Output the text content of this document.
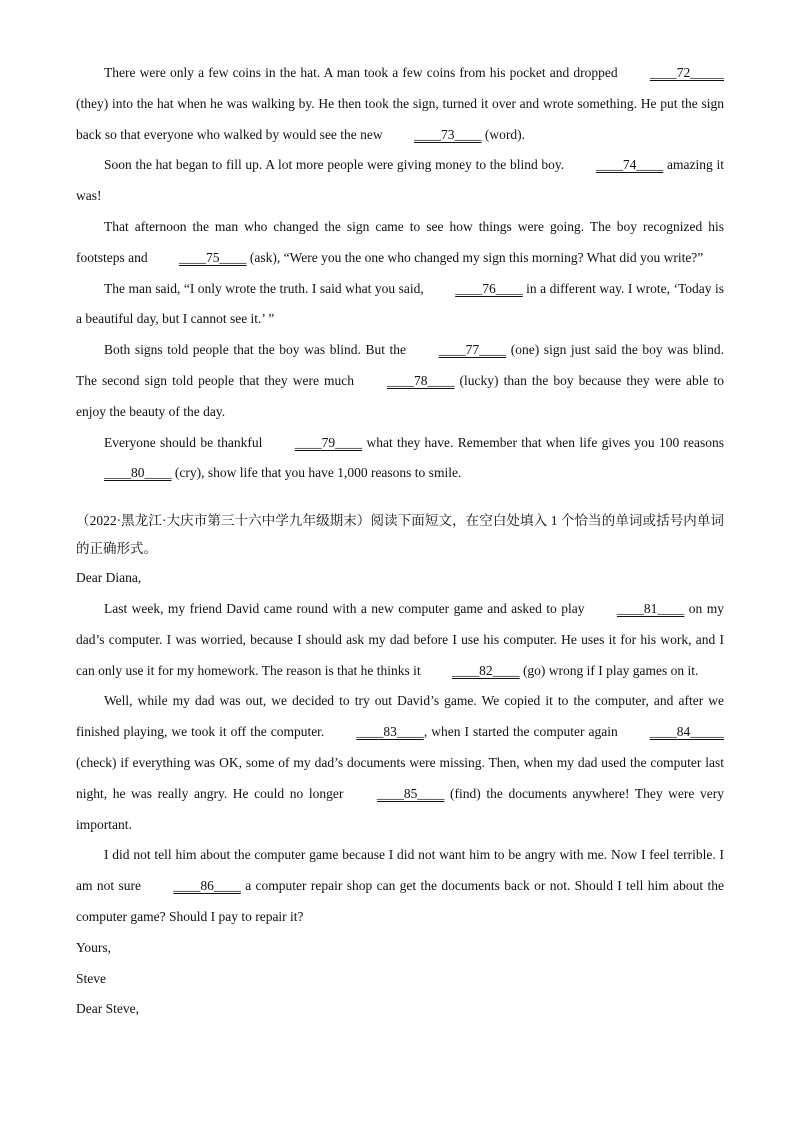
There were only a few coins in the hat. A man took a few coins from his pocket and dropped ____72_____ (they) into the hat when he was walking by. He then took the sign, turned it over and wrote something. He put the sign back so that everyone who walked by would see the new ____73____ (word).

Soon the hat began to fill up. A lot more people were giving money to the blind boy. ____74____ amazing it was!

That afternoon the man who changed the sign came to see how things were going. The boy recognized his footsteps and ____75____ (ask), “Were you the one who changed my sign this morning? What did you write?”

The man said, “I only wrote the truth. I said what you said, ____76____ in a different way. I wrote, ‘Today is a beautiful day, but I cannot see it.’ ”

Both signs told people that the boy was blind. But the ____77____ (one) sign just said the boy was blind. The second sign told people that they were much ____78____ (lucky) than the boy because they were able to enjoy the beauty of the day.

Everyone should be thankful ____79____ what they have. Remember that when life gives you 100 reasons ____80____ (cry), show life that you have 1,000 reasons to smile.

（2022·黑龙江·大庆市第三十六中学九年级期末）阅读下面短文，在空白处填入 1 个恰当的单词或括号内单词的正确形式。

Dear Diana,

Last week, my friend David came round with a new computer game and asked to play ____81____ on my dad’s computer. I was worried, because I should ask my dad before I use his computer. He uses it for his work, and I can only use it for my homework. The reason is that he thinks it ____82____ (go) wrong if I play games on it.

Well, while my dad was out, we decided to try out David’s game. We copied it to the computer, and after we finished playing, we took it off the computer. ____83____, when I started the computer again ____84_____ (check) if everything was OK, some of my dad’s documents were missing. Then, when my dad used the computer last night, he was really angry. He could no longer ____85____ (find) the documents anywhere! They were very important.

I did not tell him about the computer game because I did not want him to be angry with me. Now I feel terrible. I am not sure ____86____ a computer repair shop can get the documents back or not. Should I tell him about the computer game? Should I pay to repair it?

Yours,

Steve

Dear Steve,
